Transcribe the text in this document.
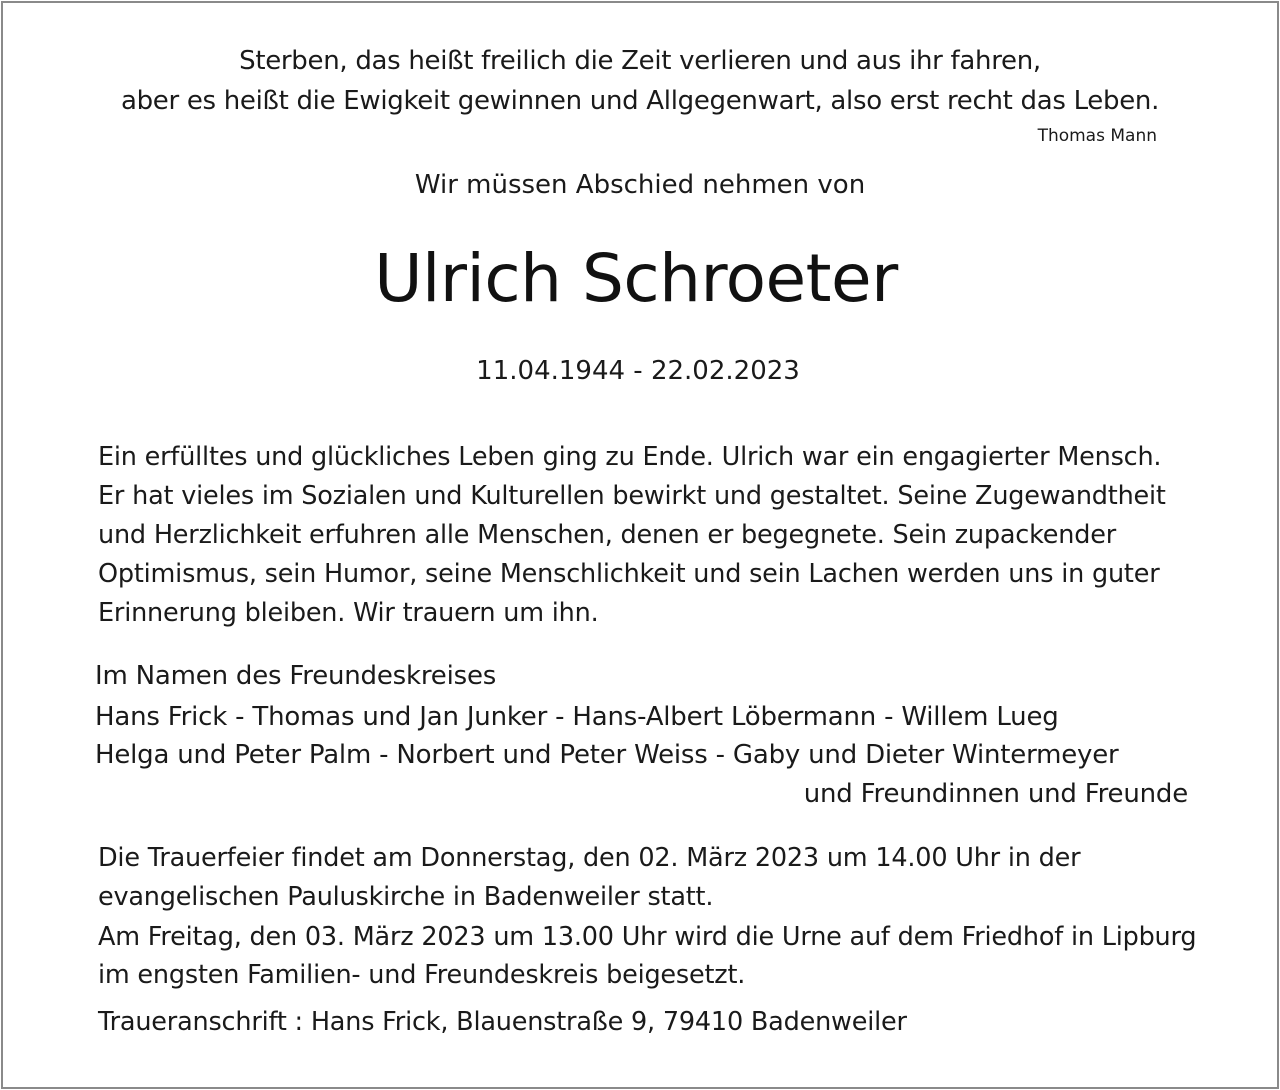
Sterben, das heißt freilich die Zeit verlieren und aus ihr fahren,
aber es heißt die Ewigkeit gewinnen und Allgegenwart, also erst recht das Leben.
Thomas Mann
Wir müssen Abschied nehmen von
Ulrich Schroeter
11.04.1944 - 22.02.2023
Ein erfülltes und glückliches Leben ging zu Ende. Ulrich war ein engagierter Mensch.
Er hat vieles im Sozialen und Kulturellen bewirkt und gestaltet. Seine Zugewandtheit
und Herzlichkeit erfuhren alle Menschen, denen er begegnete. Sein zupackender
Optimismus, sein Humor, seine Menschlichkeit und sein Lachen werden uns in guter
Erinnerung bleiben. Wir trauern um ihn.
Im Namen des Freundeskreises
Hans Frick - Thomas und Jan Junker - Hans-Albert Löbermann - Willem Lueg
Helga und Peter Palm - Norbert und Peter Weiss - Gaby und Dieter Wintermeyer
und Freundinnen und Freunde
Die Trauerfeier findet am Donnerstag, den 02. März 2023 um 14.00 Uhr in der
evangelischen Pauluskirche in Badenweiler statt.
Am Freitag, den 03. März 2023 um 13.00 Uhr wird die Urne auf dem Friedhof in Lipburg
im engsten Familien- und Freundeskreis beigesetzt.
Traueranschrift : Hans Frick, Blauenstraße 9, 79410 Badenweiler
